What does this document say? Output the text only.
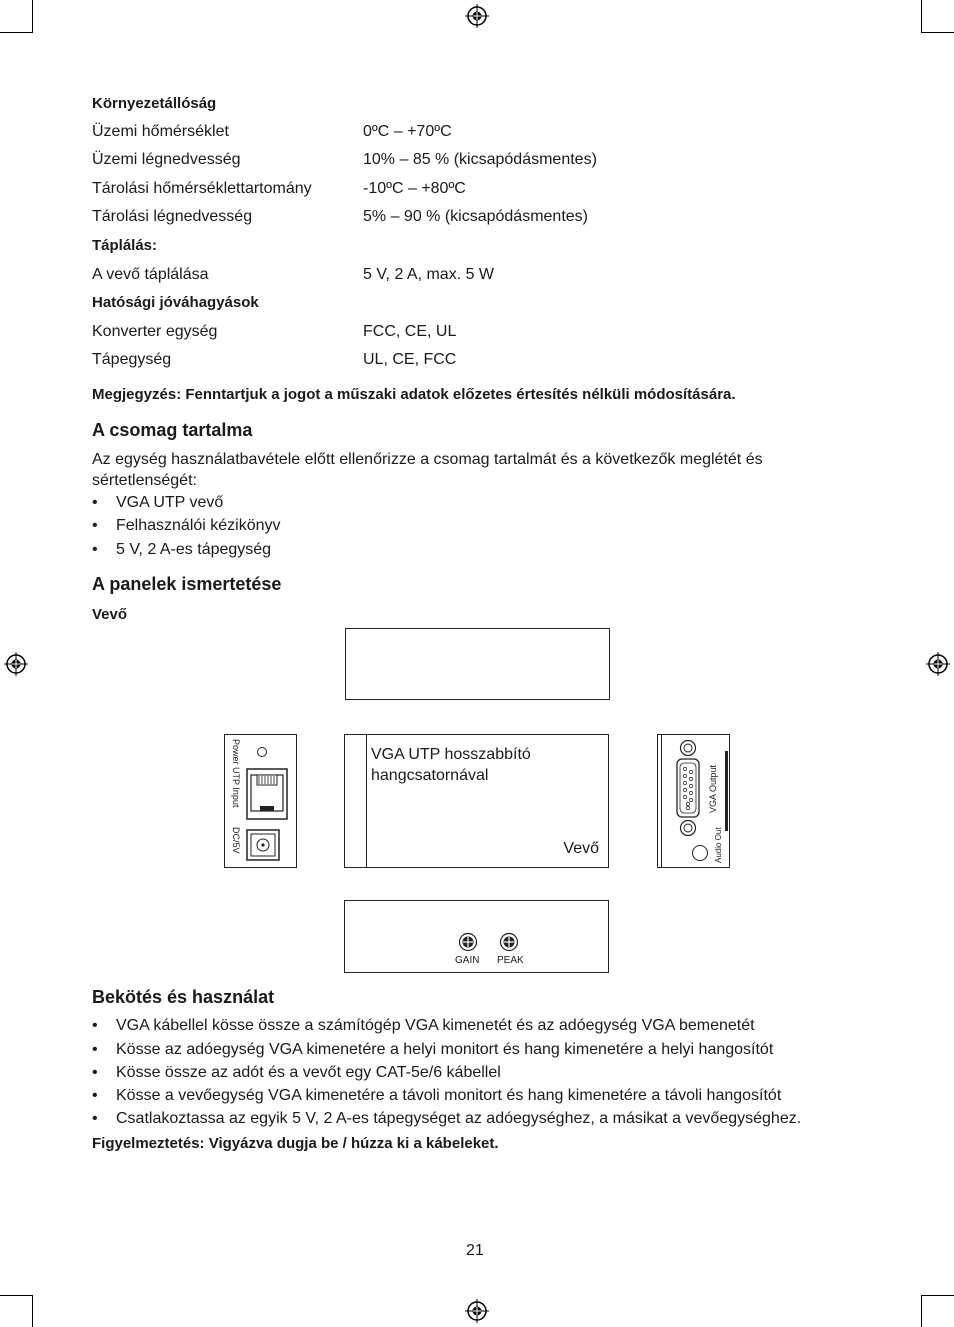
Környezetállóság
Üzemi hőmérséklet	0ºC – +70ºC
Üzemi légnedvesség	10% – 85 % (kicsapódásmentes)
Tárolási hőmérséklettartomány	-10ºC – +80ºC
Tárolási légnedvesség	5% – 90 % (kicsapódásmentes)
Táplálás:
A vevő táplálása	5 V, 2 A, max. 5 W
Hatósági jóváhagyások
Konverter egység	FCC, CE, UL
Tápegység	UL, CE, FCC
Megjegyzés: Fenntartjuk a jogot a műszaki adatok előzetes értesítés nélküli módosítására.
A csomag tartalma
Az egység használatbavétele előtt ellenőrizze a csomag tartalmát és a következők meglétét és
sértetlenségét:
• VGA UTP vevő
• Felhasználói kézikönyv
• 5 V, 2 A-es tápegység
A panelek ismertetése
Vevő
Power UTP Input
DC/5V
VGA UTP hosszabbító
hangcsatornával
Vevő
VGA Output
Audio Out
GAIN PEAK
Bekötés és használat
• VGA kábellel kösse össze a számítógép VGA kimenetét és az adóegység VGA bemenetét
• Kösse az adóegység VGA kimenetére a helyi monitort és hang kimenetére a helyi hangosítót
• Kösse össze az adót és a vevőt egy CAT-5e/6 kábellel
• Kösse a vevőegység VGA kimenetére a távoli monitort és hang kimenetére a távoli hangosítót
• Csatlakoztassa az egyik 5 V, 2 A-es tápegységet az adóegységhez, a másikat a vevőegységhez.
Figyelmeztetés: Vigyázva dugja be / húzza ki a kábeleket.
21
